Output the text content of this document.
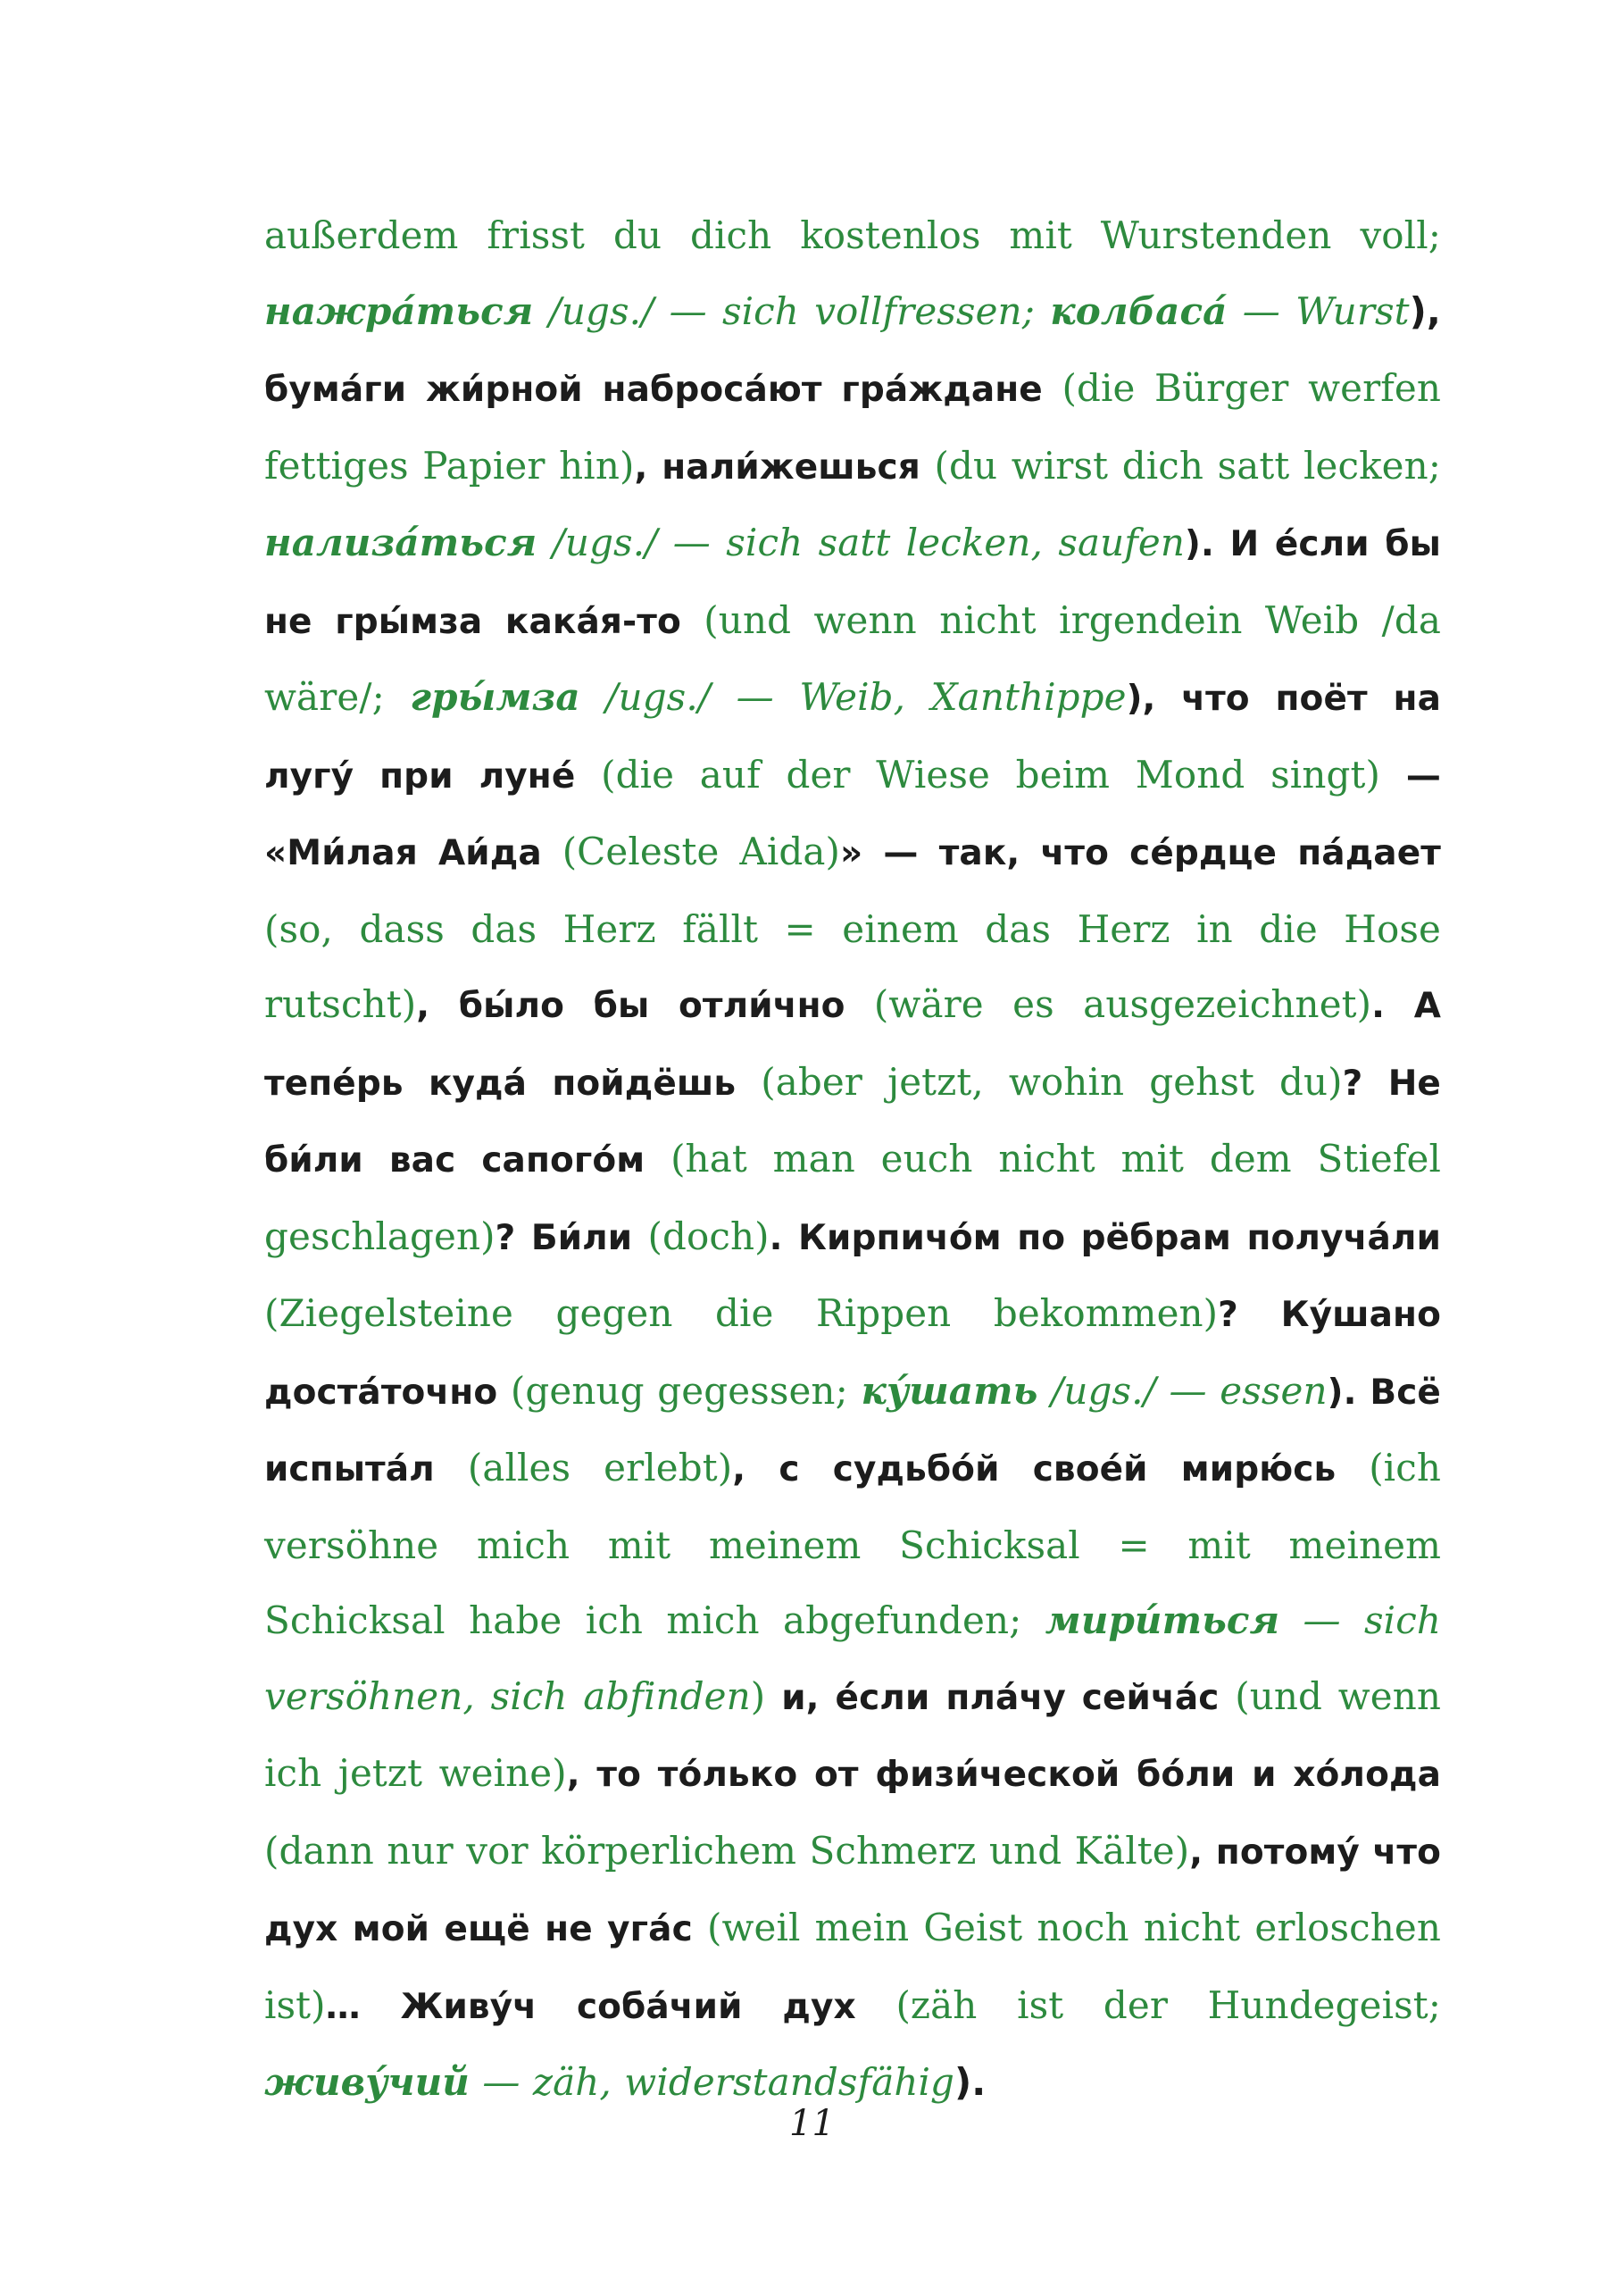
außerdem frisst du dich kostenlos mit Wurstenden voll; нажра́ться /ugs./ — sich vollfressen; колбаса́ — Wurst), бума́ги жи́рной наброса́ют гра́ждане (die Bürger werfen fettiges Papier hin), нали́жешься (du wirst dich satt lecken; нализа́ться /ugs./ — sich satt lecken, saufen). И е́сли бы не гры́мза кака́я-то (und wenn nicht irgendein Weib /da wäre/; гры́мза /ugs./ — Weib, Xanthippe), что поёт на лугу́ при луне́ (die auf der Wiese beim Mond singt) — «Ми́лая Аи́да (Celeste Aida)» — так, что се́рдце па́дает (so, dass das Herz fällt = einem das Herz in die Hose rutscht), бы́ло бы отли́чно (wäre es ausgezeichnet). А тепе́рь куда́ пойдёшь (aber jetzt, wohin gehst du)? Не би́ли вас сапого́м (hat man euch nicht mit dem Stiefel geschlagen)? Би́ли (doch). Кирпичо́м по рёбрам получа́ли (Ziegelsteine gegen die Rippen bekommen)? Ку́шано доста́точно (genug gegessen; ку́шать /ugs./ — essen). Всё испыта́л (alles erlebt), с судьбо́й свое́й мирю́сь (ich versöhne mich mit meinem Schicksal = mit meinem Schicksal habe ich mich abgefunden; мири́ться — sich versöhnen, sich abfinden) и, е́сли пла́чу сейча́с (und wenn ich jetzt weine), то то́лько от физи́ческой бо́ли и хо́лода (dann nur vor körperlichem Schmerz und Kälte), потому́ что дух мой ещё не уга́с (weil mein Geist noch nicht erloschen ist)… Живу́ч соба́чий дух (zäh ist der Hundegeist; живу́чий — zäh, widerstandsfähig).
11
